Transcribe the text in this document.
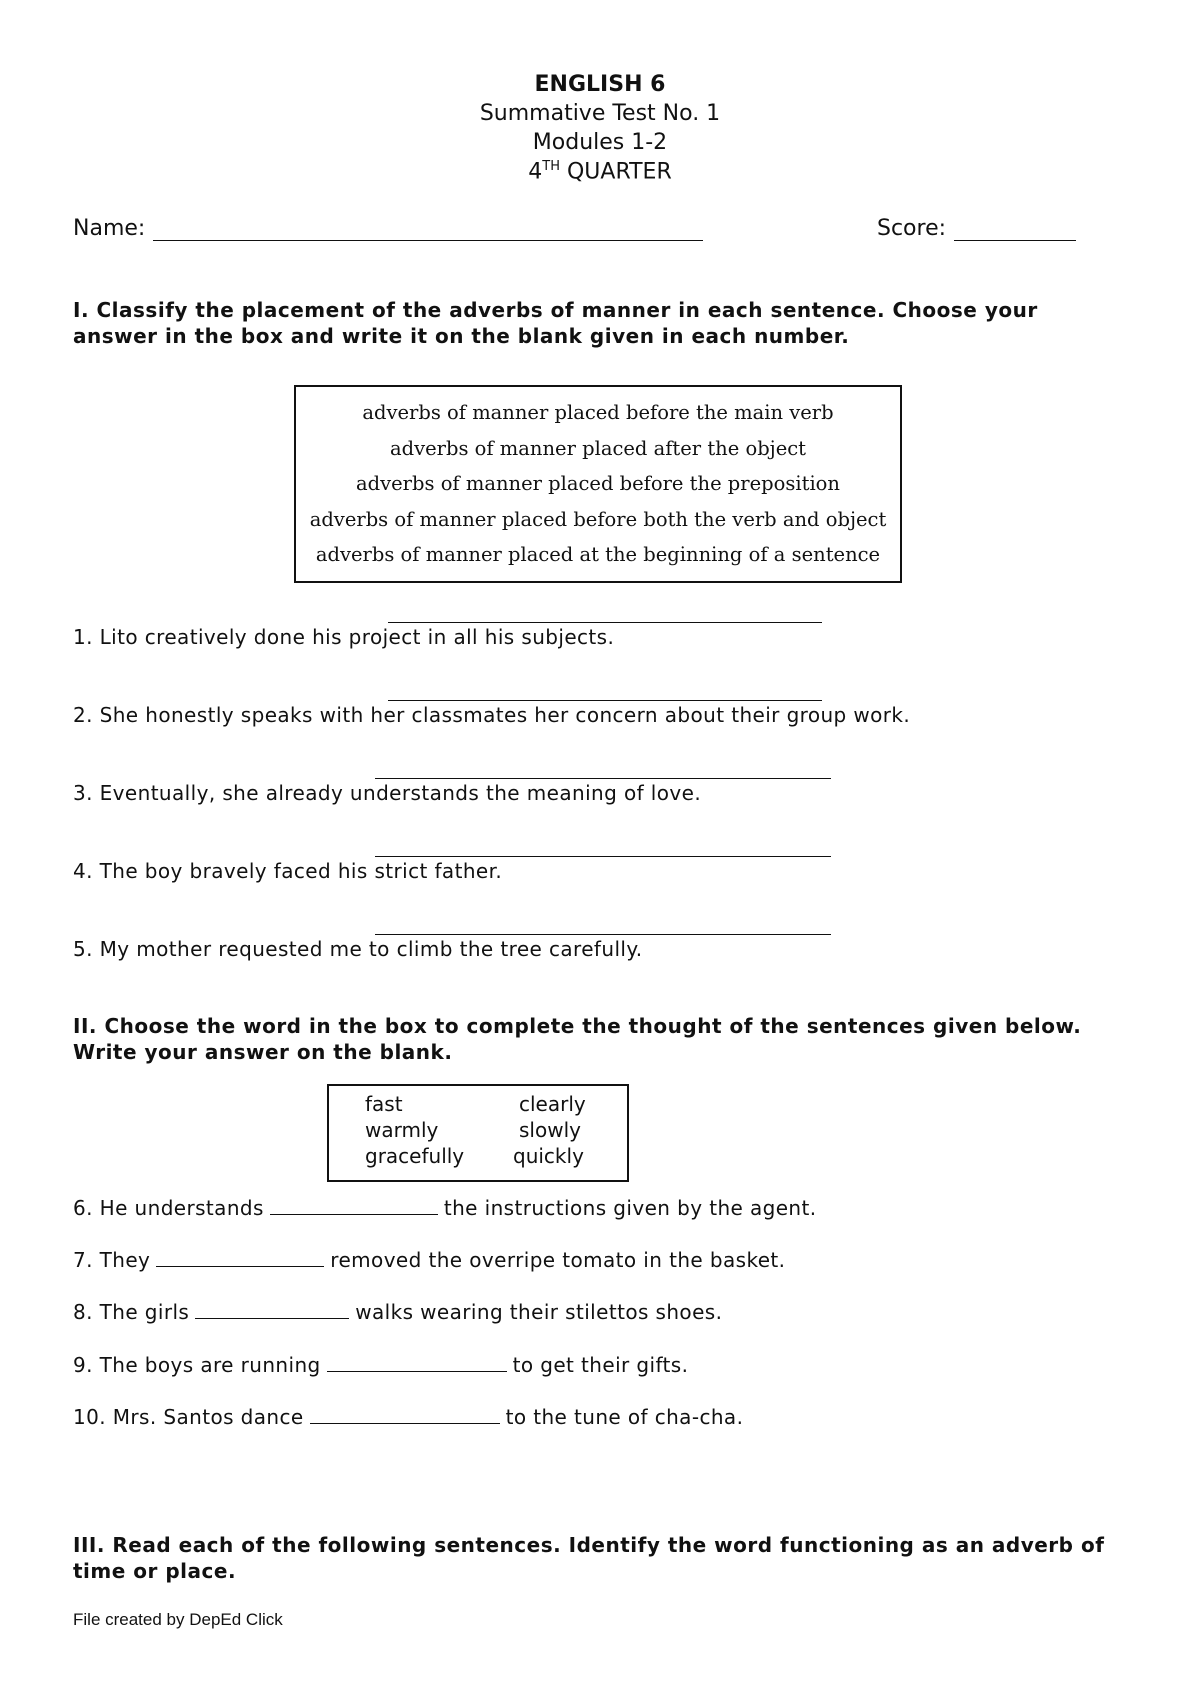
ENGLISH 6
Summative Test No. 1
Modules 1-2
4TH QUARTER
Name:	Score:
I. Classify the placement of the adverbs of manner in each sentence. Choose your answer in the box and write it on the blank given in each number.
adverbs of manner placed before the main verb
adverbs of manner placed after the object
adverbs of manner placed before the preposition
adverbs of manner placed before both the verb and object
adverbs of manner placed at the beginning of a sentence
1. Lito creatively done his project in all his subjects.
2. She honestly speaks with her classmates her concern about their group work.
3. Eventually, she already understands the meaning of love.
4. The boy bravely faced his strict father.
5. My mother requested me to climb the tree carefully.
II. Choose the word in the box to complete the thought of the sentences given below. Write your answer on the blank.
fast	clearly
warmly	slowly
gracefully quickly
6. He understands	the instructions given by the agent.
7. They	removed the overripe tomato in the basket.
8. The girls	walks wearing their stilettos shoes.
9. The boys are running	to get their gifts.
10. Mrs. Santos dance	to the tune of cha-cha.
III. Read each of the following sentences. Identify the word functioning as an adverb of time or place.
File created by DepEd Click
